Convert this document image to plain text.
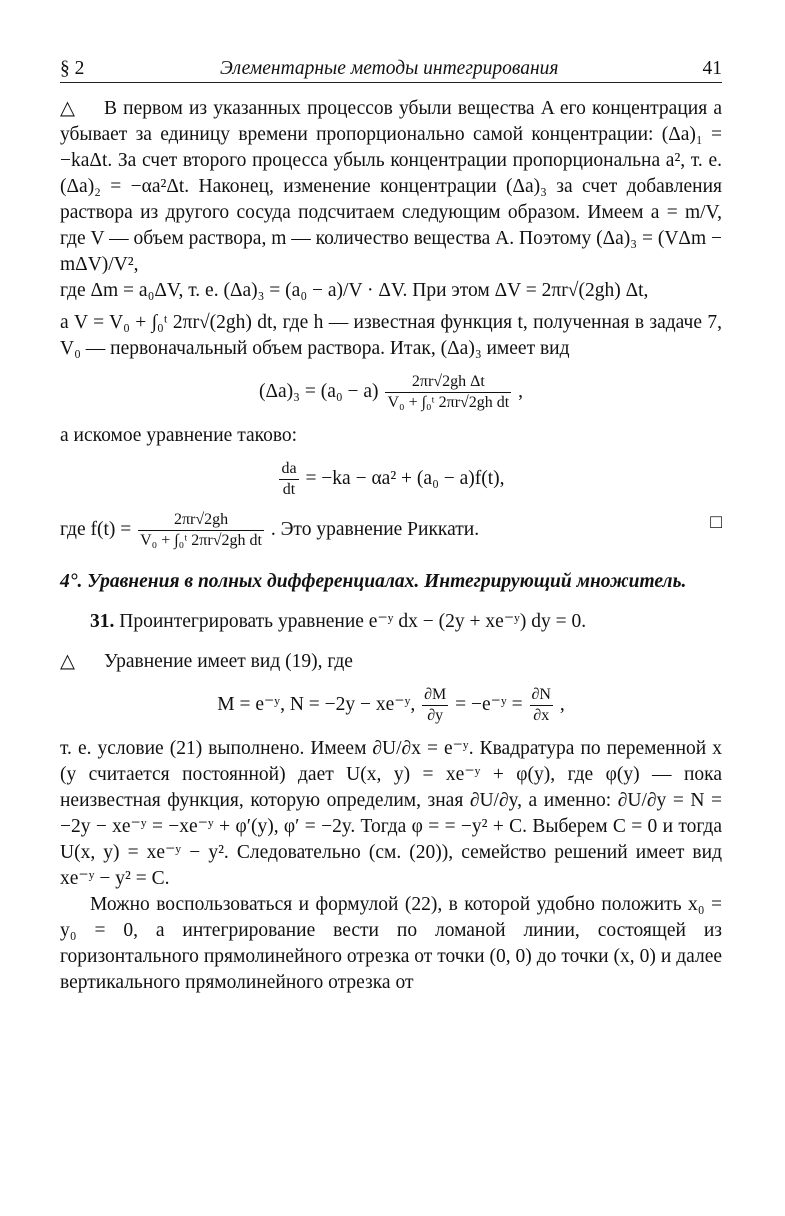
§ 2	Элементарные методы интегрирования	41

△ В первом из указанных процессов убыли вещества A его концентрация a убывает за единицу времени пропорционально самой концентрации: (Δa)₁ = −kaΔt. За счет второго процесса убыль концентрации пропорциональна a², т. е. (Δa)₂ = −αa²Δt. Наконец, изменение концентрации (Δa)₃ за счет добавления раствора из другого сосуда подсчитаем следующим образом. Имеем a = m/V, где V — объем раствора, m — количество вещества A. Поэтому (Δa)₃ = (VΔm − mΔV)/V²,

где Δm = a₀ΔV, т. е. (Δa)₃ = (a₀ − a)/V · ΔV. При этом ΔV = 2πr√(2gh) Δt,

а V = V₀ + ∫₀ᵗ 2πr√(2gh) dt, где h — известная функция t, полученная в задаче 7, V₀ — первоначальный объем раствора. Итак, (Δa)₃ имеет вид

$(\Delta a)_3 = (a_0 - a) \frac{\text{2πr√2gh Δt}}{\text{V₀ + ∫₀ᵗ 2πr√2gh dt}}$ ,

а искомое уравнение таково:

$\frac{da}{dt} = -ka - \alpha a^2 + (a_0 - a)f(t)$,

где $f(t) = \frac{2\pi r√2gh}{\text{V₀ + ∫₀ᵗ 2πr√2gh dt}}$ . Это уравнение Риккати.	□

4°. Уравнения в полных дифференциалах. Интегрирующий множитель.

31. Проинтегрировать уравнение e⁻ʸ dx − (2y + xe⁻ʸ) dy = 0.

△ Уравнение имеет вид (19), где

M = e⁻ʸ, N = −2y − xe⁻ʸ, $\frac{\partial M}{\partial y}$ = −e⁻ʸ = $\frac{\partial N}{\partial x}$ ,

т. е. условие (21) выполнено. Имеем ∂U/∂x = e⁻ʸ. Квадратура по переменной x (y считается постоянной) дает U(x, y) = xe⁻ʸ + φ(y), где φ(y) — пока неизвестная функция, которую определим, зная ∂U/∂y, а именно: ∂U/∂y = N = −2y − xe⁻ʸ = −xe⁻ʸ + φ′(y), φ′ = −2y. Тогда φ = = −y² + C. Выберем C = 0 и тогда U(x, y) = xe⁻ʸ − y². Следовательно (см. (20)), семейство решений имеет вид xe⁻ʸ − y² = C.

Можно воспользоваться и формулой (22), в которой удобно положить x₀ = y₀ = 0, а интегрирование вести по ломаной линии, состоящей из горизонтального прямолинейного отрезка от точки (0, 0) до точки (x, 0) и далее вертикального прямолинейного отрезка от
